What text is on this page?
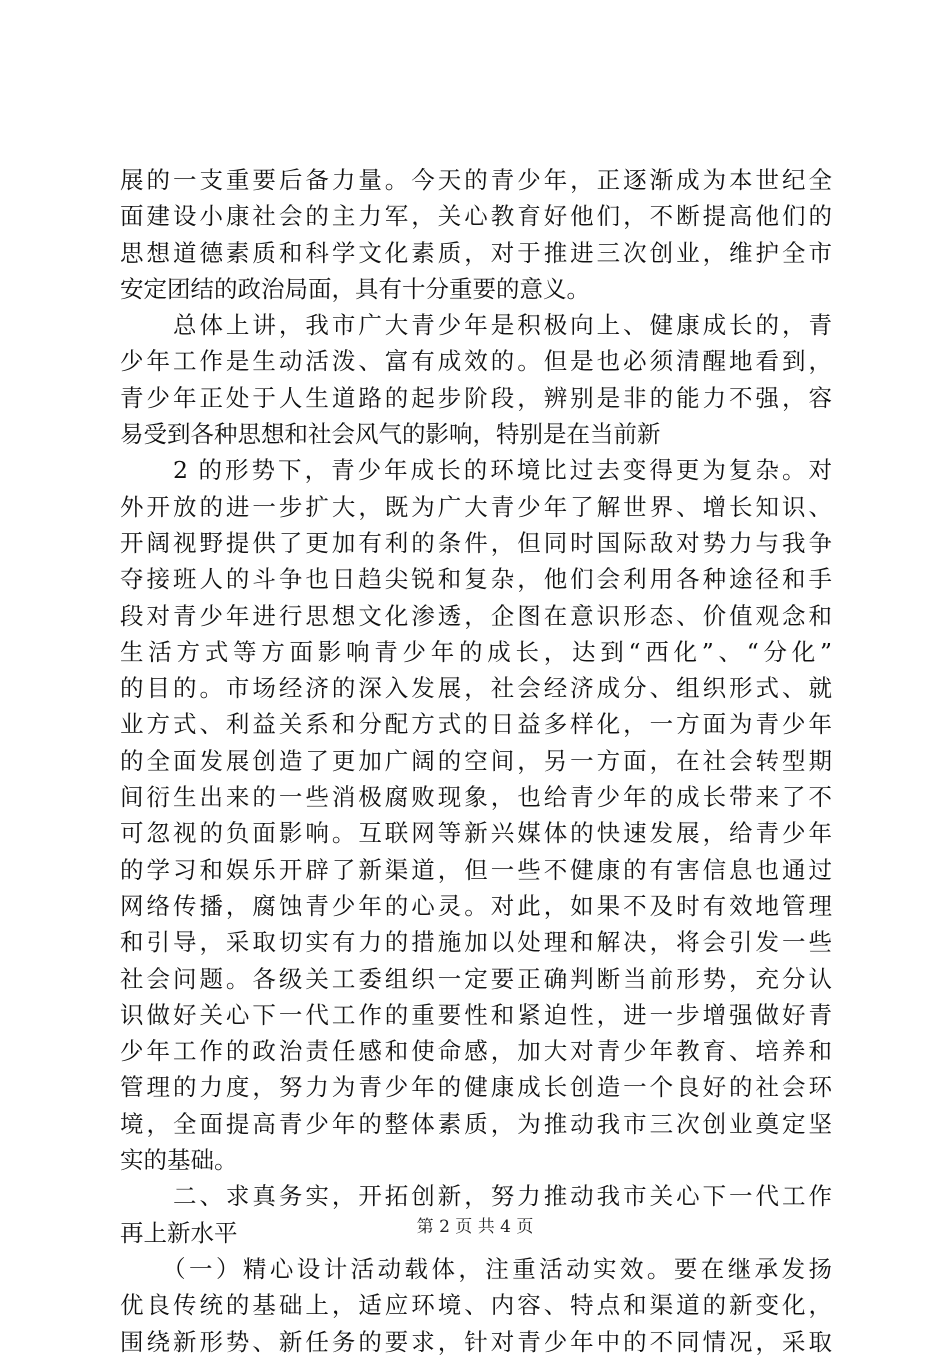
展的一支重要后备力量。今天的青少年，正逐渐成为本世纪全
面建设小康社会的主力军，关心教育好他们，不断提高他们的
思想道德素质和科学文化素质，对于推进三次创业，维护全市
安定团结的政治局面，具有十分重要的意义。
　　总体上讲，我市广大青少年是积极向上、健康成长的，青
少年工作是生动活泼、富有成效的。但是也必须清醒地看到，
青少年正处于人生道路的起步阶段，辨别是非的能力不强，容
易受到各种思想和社会风气的影响，特别是在当前新
　　2 的形势下，青少年成长的环境比过去变得更为复杂。对
外开放的进一步扩大，既为广大青少年了解世界、增长知识、
开阔视野提供了更加有利的条件，但同时国际敌对势力与我争
夺接班人的斗争也日趋尖锐和复杂，他们会利用各种途径和手
段对青少年进行思想文化渗透，企图在意识形态、价值观念和
生活方式等方面影响青少年的成长，达到“西化”、“分化”
的目的。市场经济的深入发展，社会经济成分、组织形式、就
业方式、利益关系和分配方式的日益多样化，一方面为青少年
的全面发展创造了更加广阔的空间，另一方面，在社会转型期
间衍生出来的一些消极腐败现象，也给青少年的成长带来了不
可忽视的负面影响。互联网等新兴媒体的快速发展，给青少年
的学习和娱乐开辟了新渠道，但一些不健康的有害信息也通过
网络传播，腐蚀青少年的心灵。对此，如果不及时有效地管理
和引导，采取切实有力的措施加以处理和解决，将会引发一些
社会问题。各级关工委组织一定要正确判断当前形势，充分认
识做好关心下一代工作的重要性和紧迫性，进一步增强做好青
少年工作的政治责任感和使命感，加大对青少年教育、培养和
管理的力度，努力为青少年的健康成长创造一个良好的社会环
境，全面提高青少年的整体素质，为推动我市三次创业奠定坚
实的基础。
　　二、求真务实，开拓创新，努力推动我市关心下一代工作
再上新水平
　　（一）精心设计活动载体，注重活动实效。要在继承发扬
优良传统的基础上，适应环境、内容、特点和渠道的新变化，
围绕新形势、新任务的要求，针对青少年中的不同情况，采取
第 2 页 共 4 页
